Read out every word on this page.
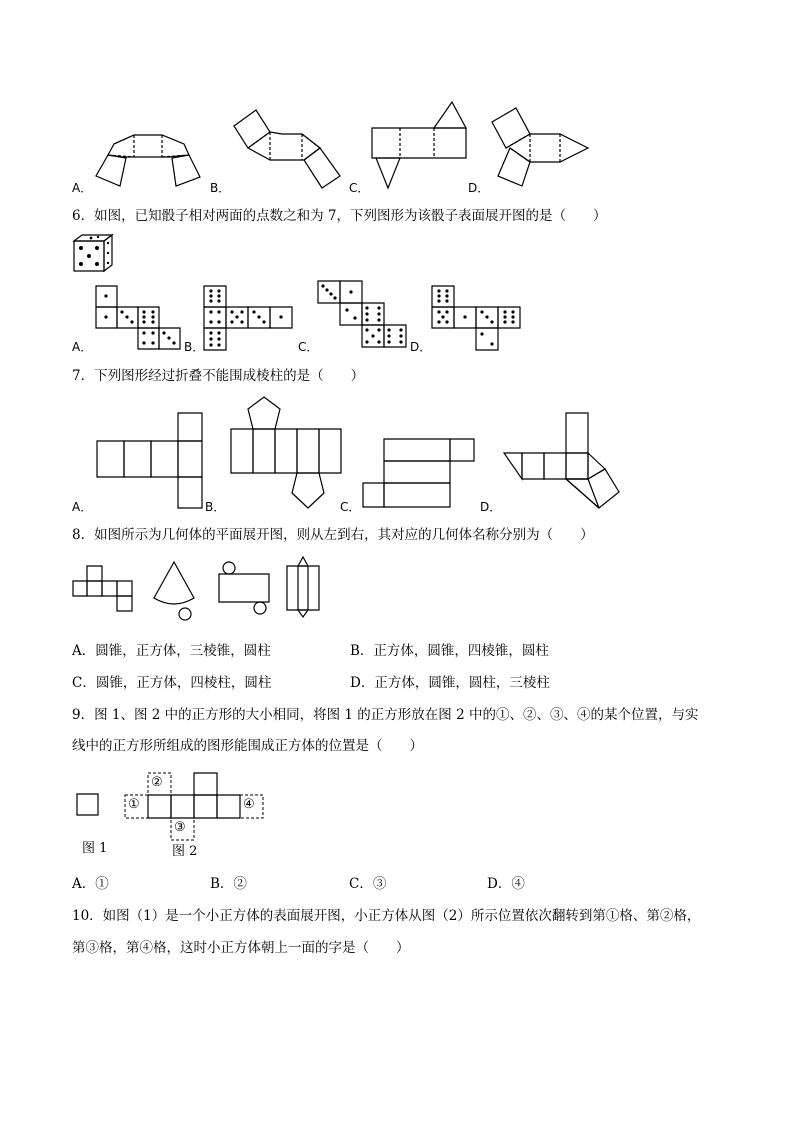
A．	B．	C．	D．
6．如图，已知骰子相对两面的点数之和为 7，下列图形为该骰子表面展开图的是（　　）
A．	B．	C．	D．
7．下列图形经过折叠不能围成棱柱的是（　　）
A．	B．	C．	D．
8．如图所示为几何体的平面展开图，则从左到右，其对应的几何体名称分别为（　　）
A．圆锥，正方体，三棱锥，圆柱	B．正方体，圆锥，四棱锥，圆柱
C．圆锥，正方体，四棱柱，圆柱	D．正方体，圆锥，圆柱，三棱柱
9．图 1、图 2 中的正方形的大小相同，将图 1 的正方形放在图 2 中的①、②、③、④的某个位置，与实
线中的正方形所组成的图形能围成正方体的位置是（　　）
图 1
①
②
③
④
图 2
A．①	B．②	C．③	D．④
10．如图（1）是一个小正方体的表面展开图，小正方体从图（2）所示位置依次翻转到第①格、第②格，
第③格，第④格，这时小正方体朝上一面的字是（　　）
